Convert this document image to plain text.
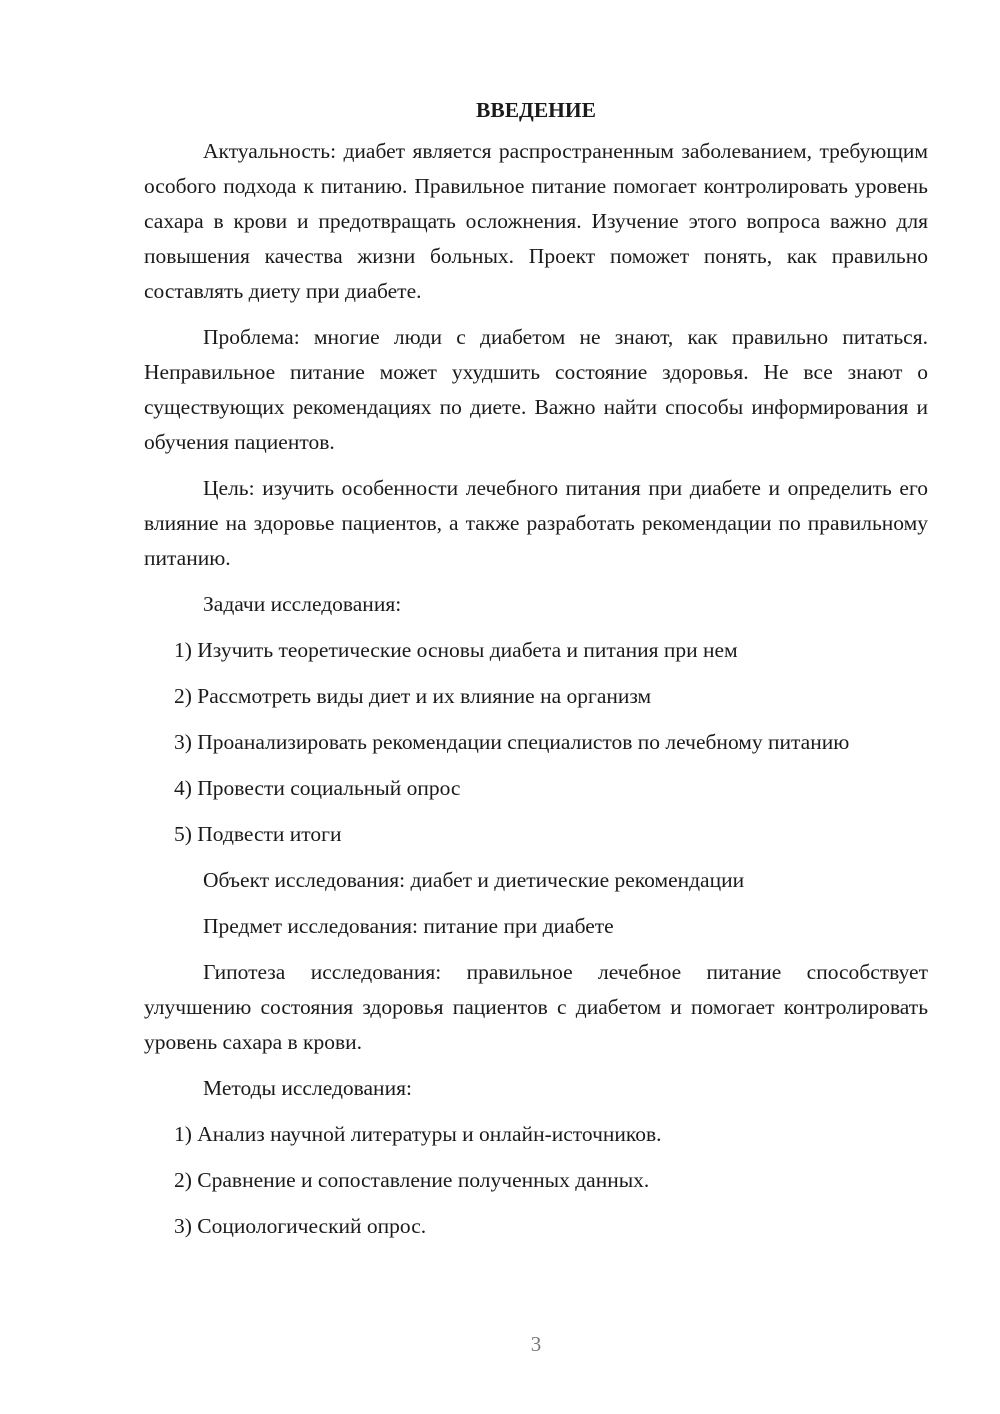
ВВЕДЕНИЕ

Актуальность: диабет является распространенным заболеванием, требующим особого подхода к питанию. Правильное питание помогает контролировать уровень сахара в крови и предотвращать осложнения. Изучение этого вопроса важно для повышения качества жизни больных. Проект поможет понять, как правильно составлять диету при диабете.

Проблема: многие люди с диабетом не знают, как правильно питаться. Неправильное питание может ухудшить состояние здоровья. Не все знают о существующих рекомендациях по диете. Важно найти способы информирования и обучения пациентов.

Цель: изучить особенности лечебного питания при диабете и определить его влияние на здоровье пациентов, а также разработать рекомендации по правильному питанию.

Задачи исследования:

1) Изучить теоретические основы диабета и питания при нем

2) Рассмотреть виды диет и их влияние на организм

3) Проанализировать рекомендации специалистов по лечебному питанию

4) Провести социальный опрос

5) Подвести итоги

Объект исследования: диабет и диетические рекомендации

Предмет исследования: питание при диабете

Гипотеза исследования: правильное лечебное питание способствует улучшению состояния здоровья пациентов с диабетом и помогает контролировать уровень сахара в крови.

Методы исследования:

1) Анализ научной литературы и онлайн-источников.

2) Сравнение и сопоставление полученных данных.

3) Социологический опрос.

3
